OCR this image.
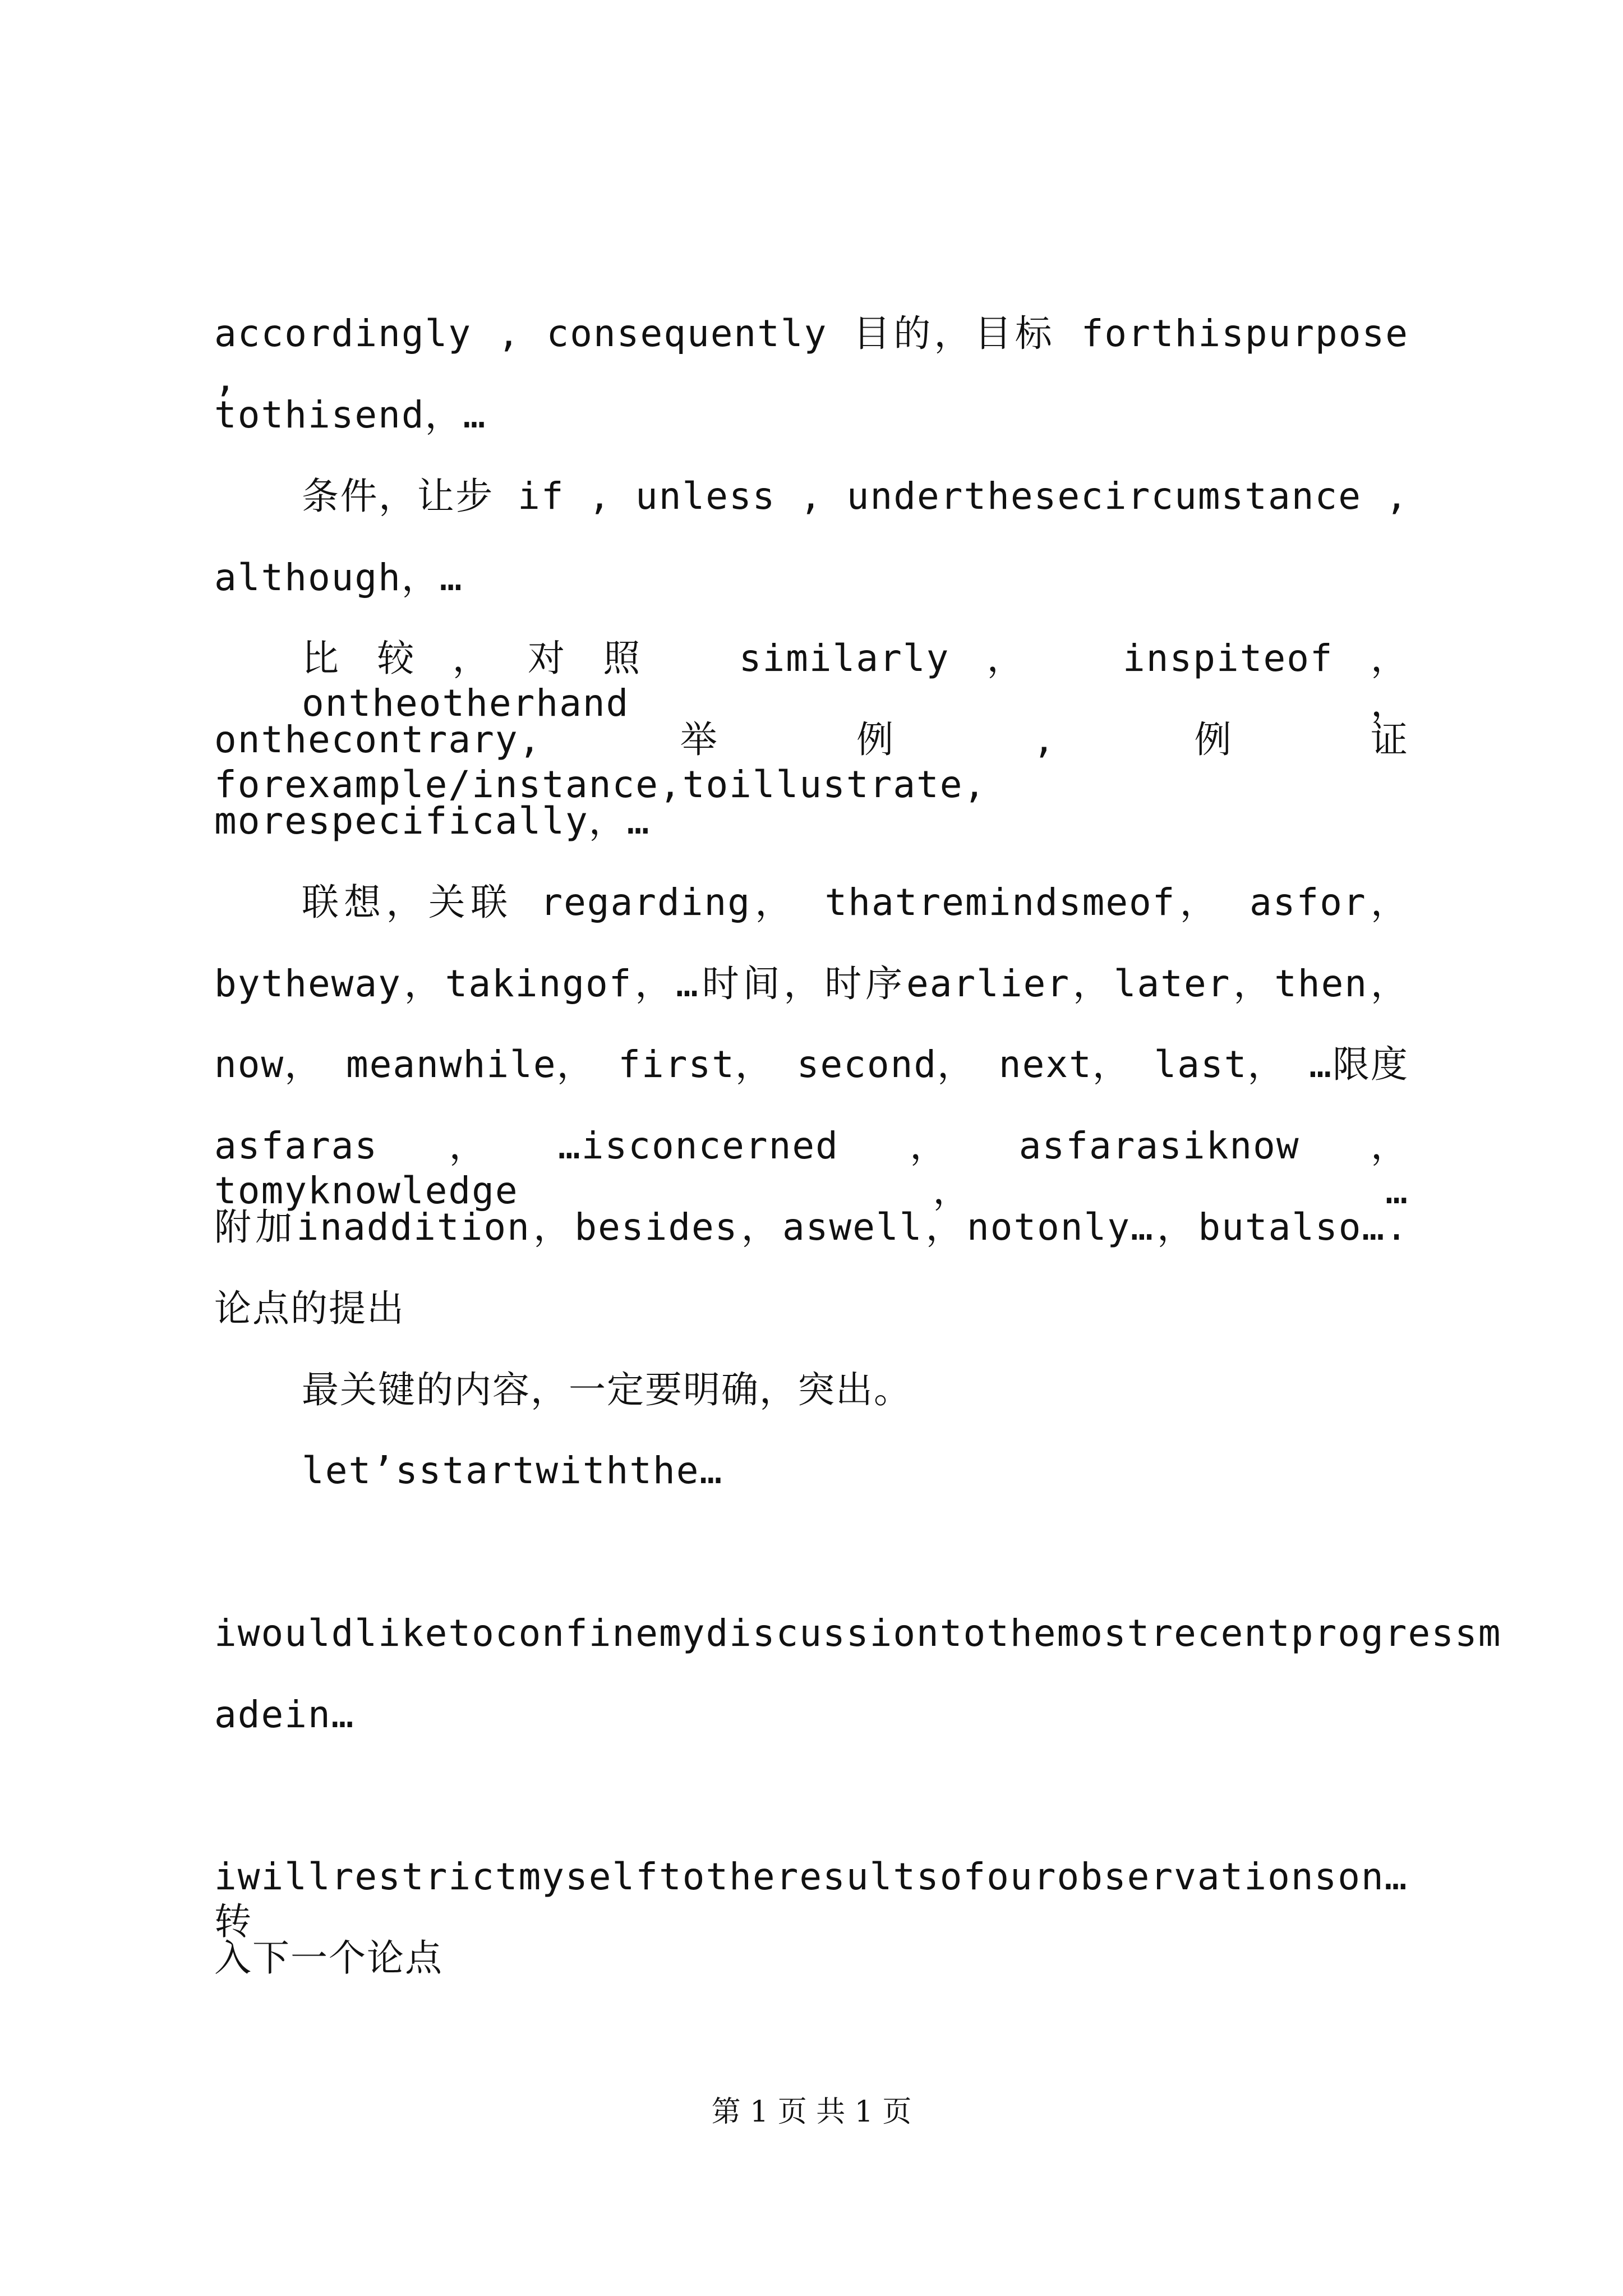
accordingly , consequently 目的，目标 forthispurpose ,
tothisend，…
条件，让步 if , unless , underthesecircumstance ,
although，…
比较，对照 similarly， inspiteof， ontheotherhand，
onthecontrary,举例,例证forexample/instance,toillustrate,
morespecifically，…
联想，关联 regarding， thatremindsmeof， asfor，
bytheway，takingof，…时间，时序earlier，later，then，
now， meanwhile， first， second， next， last， …限度
asfaras，…isconcerned，asfarasiknow，tomyknowledge，…
附加inaddition，besides，aswell，notonly…，butalso….
论点的提出
最关键的内容，一定要明确，突出。
let’sstartwiththe…
iwouldliketoconfinemydiscussiontothemostrecentprogressm
adein…
iwillrestrictmyselftotheresultsofourobservationson… 转
入下一个论点
第 1 页 共 1 页
